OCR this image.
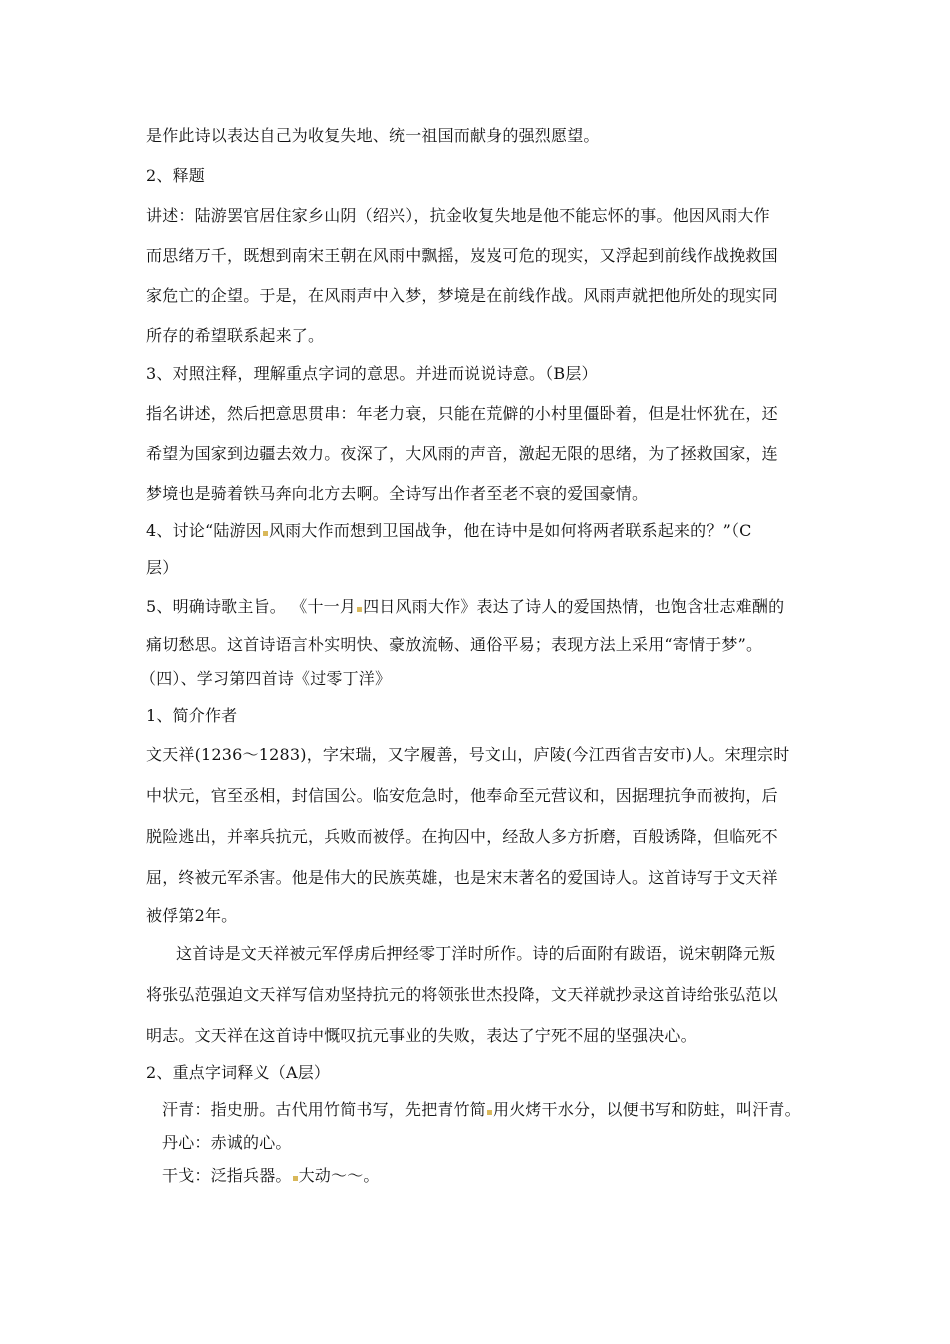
是作此诗以表达自己为收复失地、统一祖国而献身的强烈愿望。
2、释题
讲述：陆游罢官居住家乡山阴（绍兴），抗金收复失地是他不能忘怀的事。他因风雨大作
而思绪万千，既想到南宋王朝在风雨中飘摇，岌岌可危的现实，又浮起到前线作战挽救国
家危亡的企望。于是，在风雨声中入梦，梦境是在前线作战。风雨声就把他所处的现实同
所存的希望联系起来了。
3、对照注释，理解重点字词的意思。并进而说说诗意。（B层）
指名讲述，然后把意思贯串：年老力衰，只能在荒僻的小村里僵卧着，但是壮怀犹在，还
希望为国家到边疆去效力。夜深了，大风雨的声音，激起无限的思绪，为了拯救国家，连
梦境也是骑着铁马奔向北方去啊。全诗写出作者至老不衰的爱国豪情。
4、讨论“陆游因 风雨大作而想到卫国战争，他在诗中是如何将两者联系起来的？”（C
层）
5、明确诗歌主旨。 《十一月 四日风雨大作》表达了诗人的爱国热情，也饱含壮志难酬的
痛切愁思。这首诗语言朴实明快、豪放流畅、通俗平易；表现方法上采用“寄情于梦”。
（四）、学习第四首诗《过零丁洋》
1、简介作者
文天祥(1236～1283)，字宋瑞，又字履善，号文山，庐陵(今江西省吉安市)人。宋理宗时
中状元，官至丞相，封信国公。临安危急时，他奉命至元营议和，因据理抗争而被拘，后
脱险逃出，并率兵抗元，兵败而被俘。在拘囚中，经敌人多方折磨，百般诱降，但临死不
屈，终被元军杀害。他是伟大的民族英雄，也是宋末著名的爱国诗人。这首诗写于文天祥
被俘第2年。
这首诗是文天祥被元军俘虏后押经零丁洋时所作。诗的后面附有跋语，说宋朝降元叛
将张弘范强迫文天祥写信劝坚持抗元的将领张世杰投降，文天祥就抄录这首诗给张弘范以
明志。文天祥在这首诗中慨叹抗元事业的失败，表达了宁死不屈的坚强决心。
2、重点字词释义（A层）
汗青：指史册。古代用竹简书写，先把青竹简 用火烤干水分，以便书写和防蛀，叫汗青。
丹心：赤诚的心。
干戈：泛指兵器。 大动～～。
